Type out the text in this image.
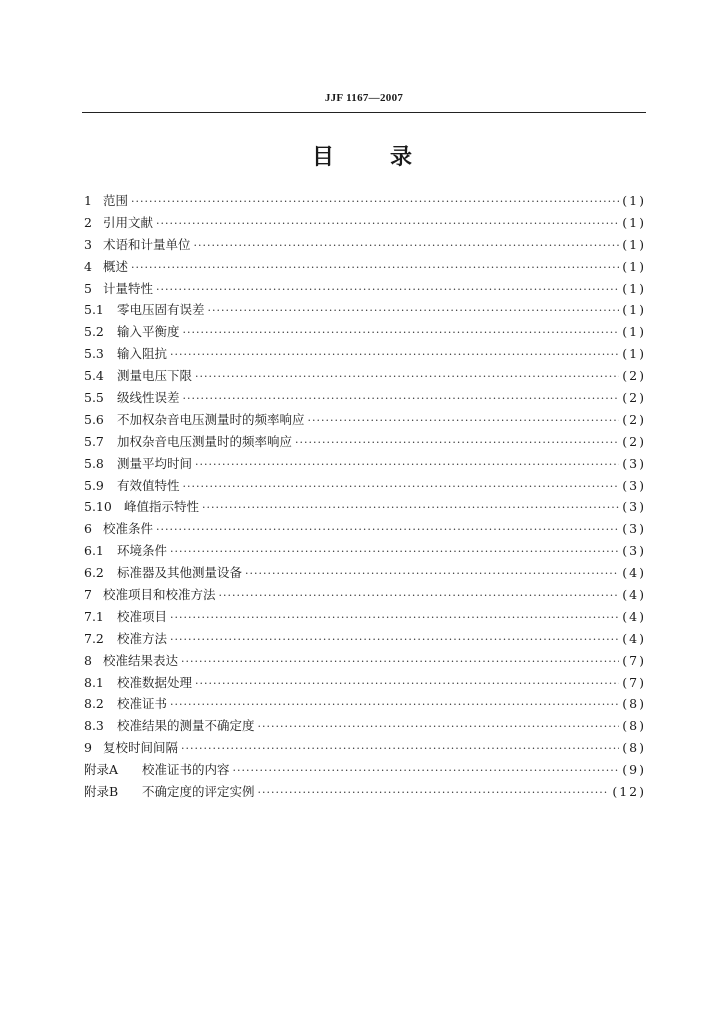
JJF 1167—2007
目	录
1 范围 ·····	(1)
2 引用文献 ·····	(1)
3 术语和计量单位 ·····	(1)
4 概述 ·····	(1)
5 计量特性 ·····	(1)
5.1	零电压固有误差 ·····	(1)
5.2	输入平衡度 ·····	(1)
5.3	输入阻抗 ·····	(1)
5.4	测量电压下限 ·····	(2)
5.5	级线性误差 ·····	(2)
5.6	不加权杂音电压测量时的频率响应 ·····	(2)
5.7	加权杂音电压测量时的频率响应 ·····	(2)
5.8	测量平均时间 ·····	(3)
5.9	有效值特性 ·····	(3)
5.10 峰值指示特性 ·····	(3)
6 校准条件 ·····	(3)
6.1	环境条件 ·····	(3)
6.2	标准器及其他测量设备 ·····	(4)
7 校准项目和校准方法 ·····	(4)
7.1	校准项目 ·····	(4)
7.2	校准方法 ·····	(4)
8 校准结果表达 ·····	(7)
8.1	校准数据处理 ·····	(7)
8.2	校准证书 ·····	(8)
8.3	校准结果的测量不确定度 ·····	(8)
9 复校时间间隔 ·····	(8)
附录A	校准证书的内容 ·····	(9)
附录B	不确定度的评定实例 ·····	(12)
